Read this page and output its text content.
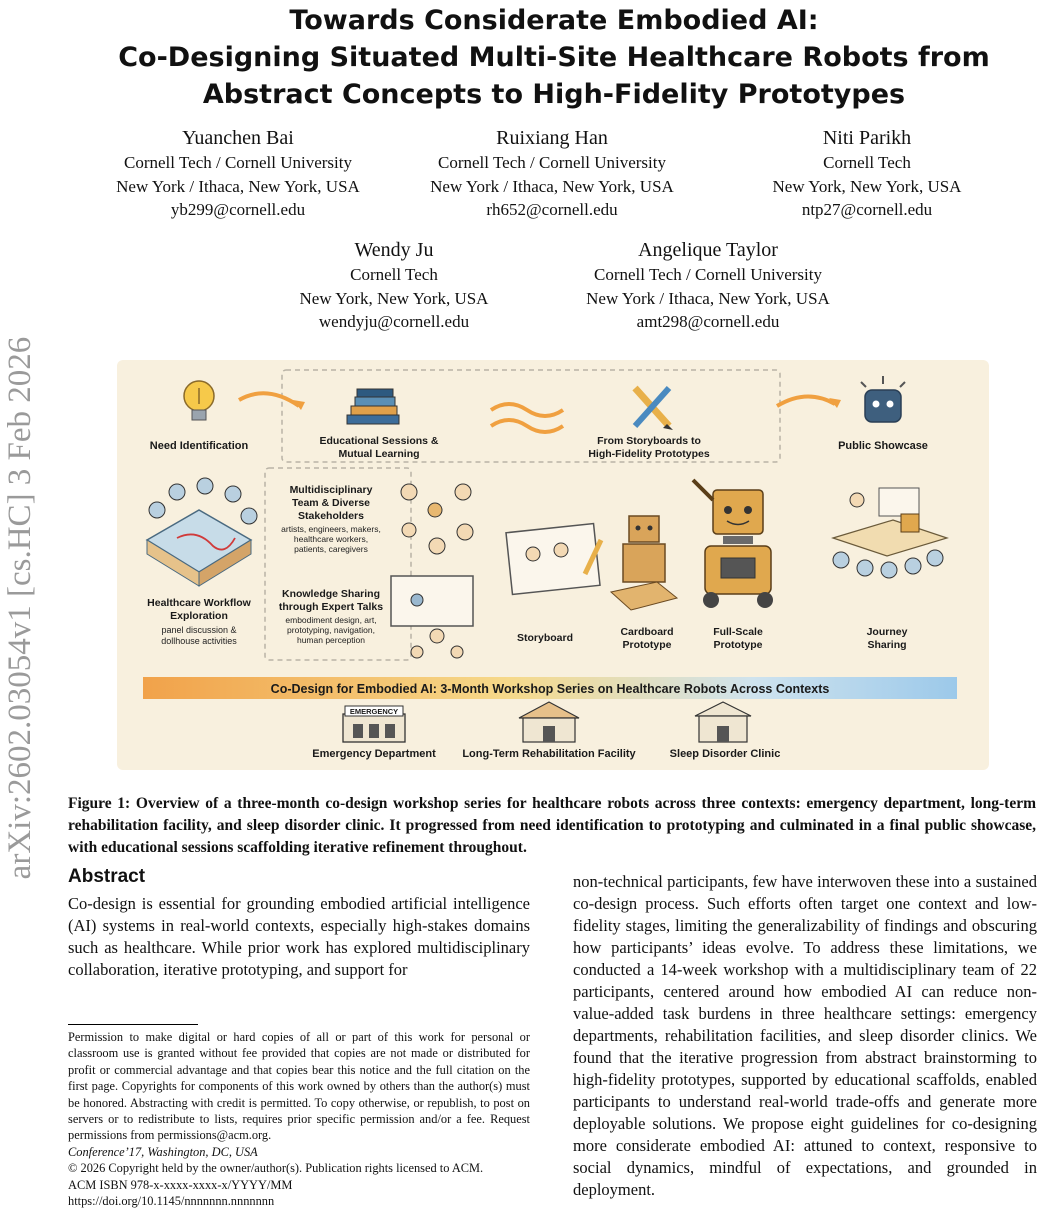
arXiv:2602.03054v1 [cs.HC] 3 Feb 2026
Towards Considerate Embodied AI:
Co-Designing Situated Multi-Site Healthcare Robots from
Abstract Concepts to High-Fidelity Prototypes
Yuanchen Bai
Cornell Tech / Cornell University
New York / Ithaca, New York, USA
yb299@cornell.edu
Ruixiang Han
Cornell Tech / Cornell University
New York / Ithaca, New York, USA
rh652@cornell.edu
Niti Parikh
Cornell Tech
New York, New York, USA
ntp27@cornell.edu
Wendy Ju
Cornell Tech
New York, New York, USA
wendyju@cornell.edu
Angelique Taylor
Cornell Tech / Cornell University
New York / Ithaca, New York, USA
amt298@cornell.edu
Need Identification	Educational Sessions &
Mutual Learning
From Storyboards to
High-Fidelity Prototypes
Public Showcase
Healthcare Workflow
Exploration
panel discussion &
dollhouse activities
Multidisciplinary
Team & Diverse
Stakeholders
artists, engineers, makers,
healthcare workers,
patients, caregivers
Knowledge Sharing
through Expert Talks
embodiment design, art,
prototyping, navigation,
human perception	Storyboard	Cardboard
Prototype
Full-Scale
Prototype
Journey
Sharing
Co-Design for Embodied AI: 3-Month Workshop Series on Healthcare Robots Across Contexts
EMERGENCY
Emergency Department Long-Term Rehabilitation Facility	Sleep Disorder Clinic
Figure 1: Overview of a three-month co-design workshop series for healthcare robots across three contexts: emergency department, long-term rehabilitation facility, and sleep disorder clinic. It progressed from need identification to prototyping and culminated in a final public showcase, with educational sessions scaffolding iterative refinement throughout.
Abstract
Co-design is essential for grounding embodied artificial intelligence (AI) systems in real-world contexts, especially high-stakes domains such as healthcare. While prior work has explored multidisciplinary collaboration, iterative prototyping, and support for
non-technical participants, few have interwoven these into a sustained co-design process. Such efforts often target one context and low-fidelity stages, limiting the generalizability of findings and obscuring how participants’ ideas evolve. To address these limitations, we conducted a 14-week workshop with a multidisciplinary team of 22 participants, centered around how embodied AI can reduce non-value-added task burdens in three healthcare settings: emergency departments, rehabilitation facilities, and sleep disorder clinics. We found that the iterative progression from abstract brainstorming to high-fidelity prototypes, supported by educational scaffolds, enabled participants to understand real-world trade-offs and generate more deployable solutions. We propose eight guidelines for co-designing more considerate embodied AI: attuned to context, responsive to social dynamics, mindful of expectations, and grounded in deployment.

Permission to make digital or hard copies of all or part of this work for personal or classroom use is granted without fee provided that copies are not made or distributed for profit or commercial advantage and that copies bear this notice and the full citation on the first page. Copyrights for components of this work owned by others than the author(s) must be honored. Abstracting with credit is permitted. To copy otherwise, or republish, to post on servers or to redistribute to lists, requires prior specific permission and/or a fee. Request permissions from permissions@acm.org.

Conference’17, Washington, DC, USA

© 2026 Copyright held by the owner/author(s). Publication rights licensed to ACM.

ACM ISBN 978-x-xxxx-xxxx-x/YYYY/MM

https://doi.org/10.1145/nnnnnnn.nnnnnnn
